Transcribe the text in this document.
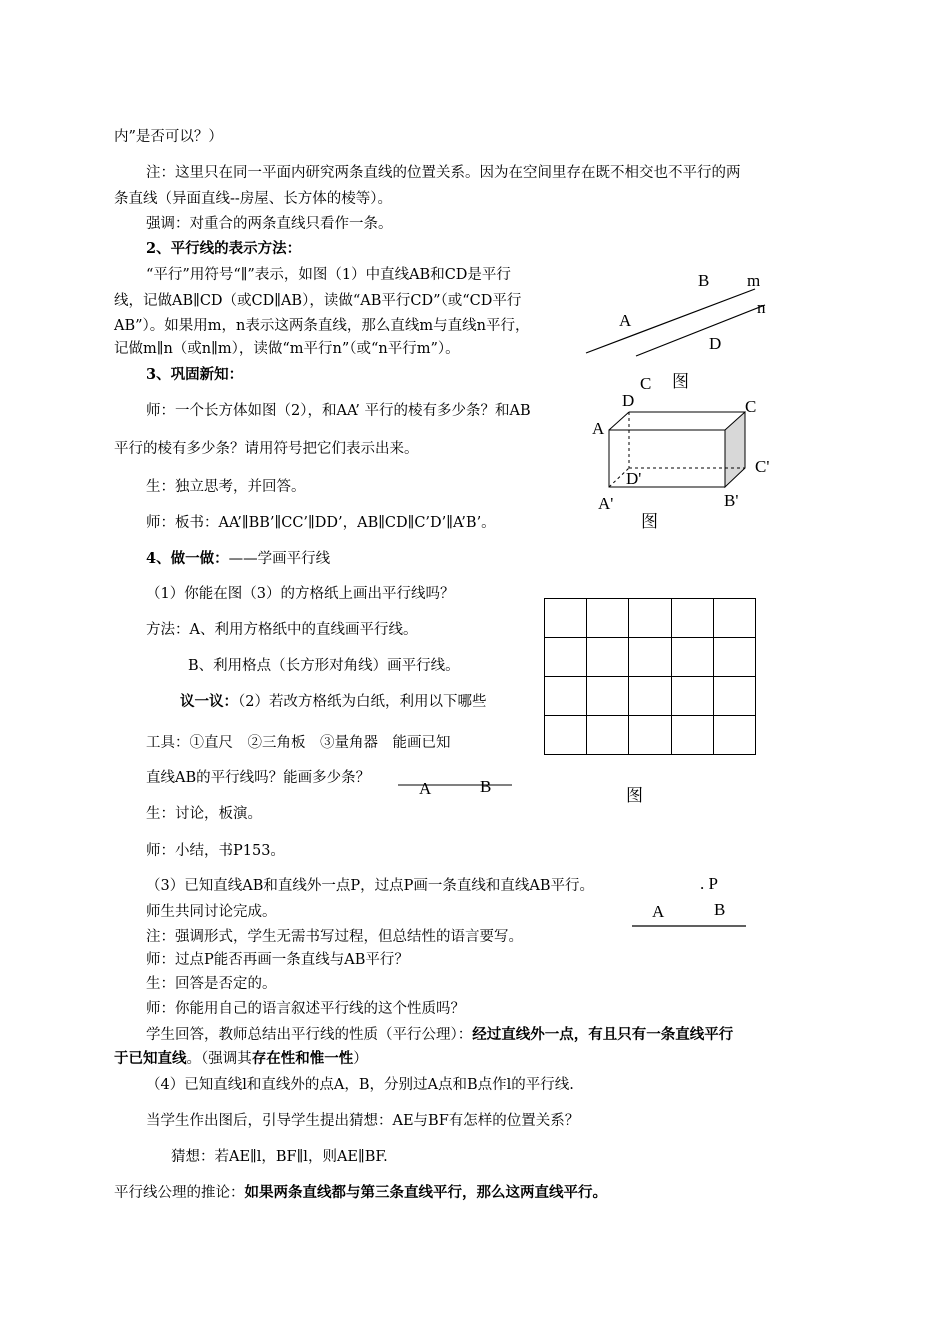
内”是否可以？）
注：这里只在同一平面内研究两条直线的位置关系。因为在空间里存在既不相交也不平行的两
条直线（异面直线--房屋、长方体的棱等）。
强调：对重合的两条直线只看作一条。
2、平行线的表示方法：
“平行”用符号“∥”表示，如图（1）中直线AB和CD是平行
线，记做AB∥CD（或CD∥AB），读做“AB平行CD”（或“CD平行
AB”）。如果用m，n表示这两条直线，那么直线m与直线n平行，
记做m∥n（或n∥m），读做“m平行n”（或“n平行m”）。
3、巩固新知：
师：一个长方体如图（2），和AA’ 平行的棱有多少条？和AB
平行的棱有多少条？请用符号把它们表示出来。
生：独立思考，并回答。
师：板书：AA’∥BB’∥CC’∥DD’，AB∥CD∥C’D’∥A’B’。
4、做一做：——学画平行线
（1）你能在图（3）的方格纸上画出平行线吗？
方法：A、利用方格纸中的直线画平行线。
B、利用格点（长方形对角线）画平行线。
议一议：（2）若改方格纸为白纸，利用以下哪些
工具：①直尺　②三角板　③量角器　能画已知
直线AB的平行线吗？能画多少条？
生：讨论，板演。
师：小结，书P153。
（3）已知直线AB和直线外一点P，过点P画一条直线和直线AB平行。
师生共同讨论完成。
注：强调形式，学生无需书写过程，但总结性的语言要写。
师：过点P能否再画一条直线与AB平行？
生：回答是否定的。
师：你能用自己的语言叙述平行线的这个性质吗？
学生回答，教师总结出平行线的性质（平行公理）：经过直线外一点，有且只有一条直线平行
于已知直线。（强调其存在性和惟一性）
（4）已知直线l和直线外的点A，B，分别过A点和B点作l的平行线.
当学生作出图后，引导学生提出猜想：AE与BF有怎样的位置关系？
猜想：若AE∥l，BF∥l，则AE∥BF.
平行线公理的推论：如果两条直线都与第三条直线平行，那么这两直线平行。
B m
n
A
D
C 图
D	C
A
D'
C'
A'	B'
图

图
A	B
. P
A	B
